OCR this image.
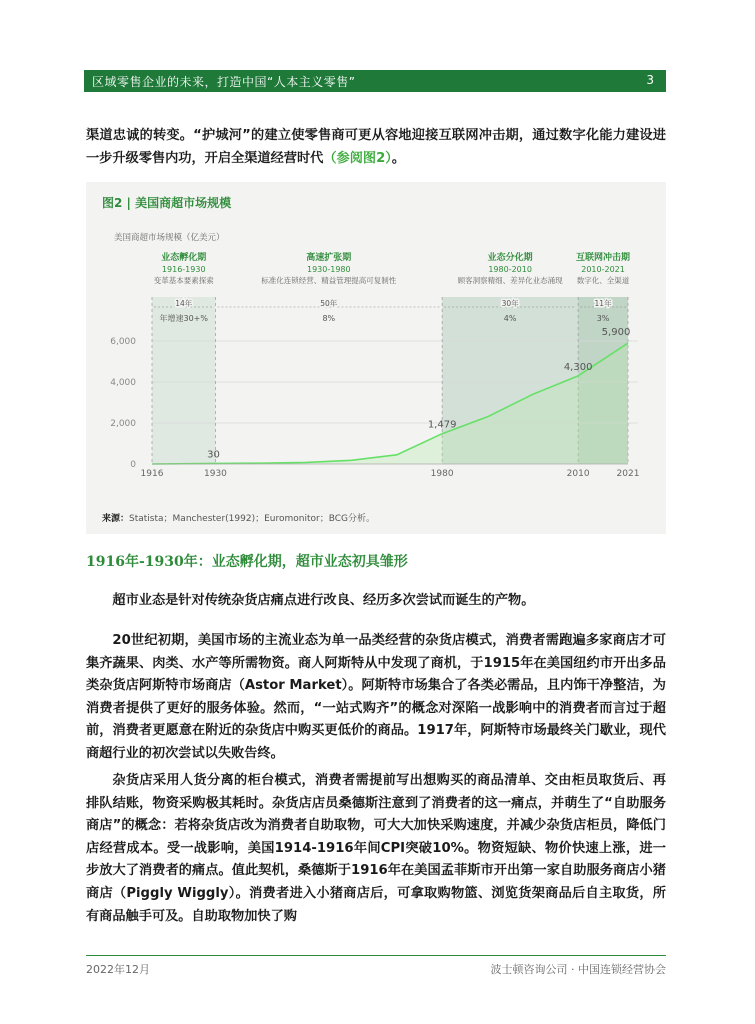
区域零售企业的未来，打造中国“人本主义零售”	3
渠道忠诚的转变。“护城河”的建立使零售商可更从容地迎接互联网冲击期，通过数字化能力建设进一步升级零售内功，开启全渠道经营时代（参阅图2）。
图2 | 美国商超市场规模
业态孵化期
1916-1930
变革基本要素探索
14年
年增速30+%
高速扩张期
1930-1980
标准化连锁经营、精益管理提高可复制性
50年
8%
业态分化期
1980-2010
顾客洞察精细、差异化业态涌现
30年
4%
互联网冲击期
2010-2021
数字化、全渠道
11年
3%
0
2,000
4,000
6,000
1916	1930	1980	2010	2021
美国商超市场规模（亿美元）
30
1,479
4,300
5,900
来源：Statista；Manchester(1992)；Euromonitor；BCG分析。
1916年-1930年：业态孵化期，超市业态初具雏形
超市业态是针对传统杂货店痛点进行改良、经历多次尝试而诞生的产物。
20世纪初期，美国市场的主流业态为单一品类经营的杂货店模式，消费者需跑遍多家商店才可集齐蔬果、肉类、水产等所需物资。商人阿斯特从中发现了商机，于1915年在美国纽约市开出多品类杂货店阿斯特市场商店（Astor Market）。阿斯特市场集合了各类必需品，且内饰干净整洁，为消费者提供了更好的服务体验。然而，“一站式购齐”的概念对深陷一战影响中的消费者而言过于超前，消费者更愿意在附近的杂货店中购买更低价的商品。1917年，阿斯特市场最终关门歇业，现代商超行业的初次尝试以失败告终。
杂货店采用人货分离的柜台模式，消费者需提前写出想购买的商品清单、交由柜员取货后、再排队结账，物资采购极其耗时。杂货店店员桑德斯注意到了消费者的这一痛点，并萌生了“自助服务商店”的概念：若将杂货店改为消费者自助取物，可大大加快采购速度，并减少杂货店柜员，降低门店经营成本。受一战影响，美国1914-1916年间CPI突破10%。物资短缺、物价快速上涨，进一步放大了消费者的痛点。值此契机，桑德斯于1916年在美国孟菲斯市开出第一家自助服务商店小猪商店（Piggly Wiggly）。消费者进入小猪商店后，可拿取购物篮、浏览货架商品后自主取货，所有商品触手可及。自助取物加快了购
2022年12月	波士顿咨询公司 · 中国连锁经营协会
